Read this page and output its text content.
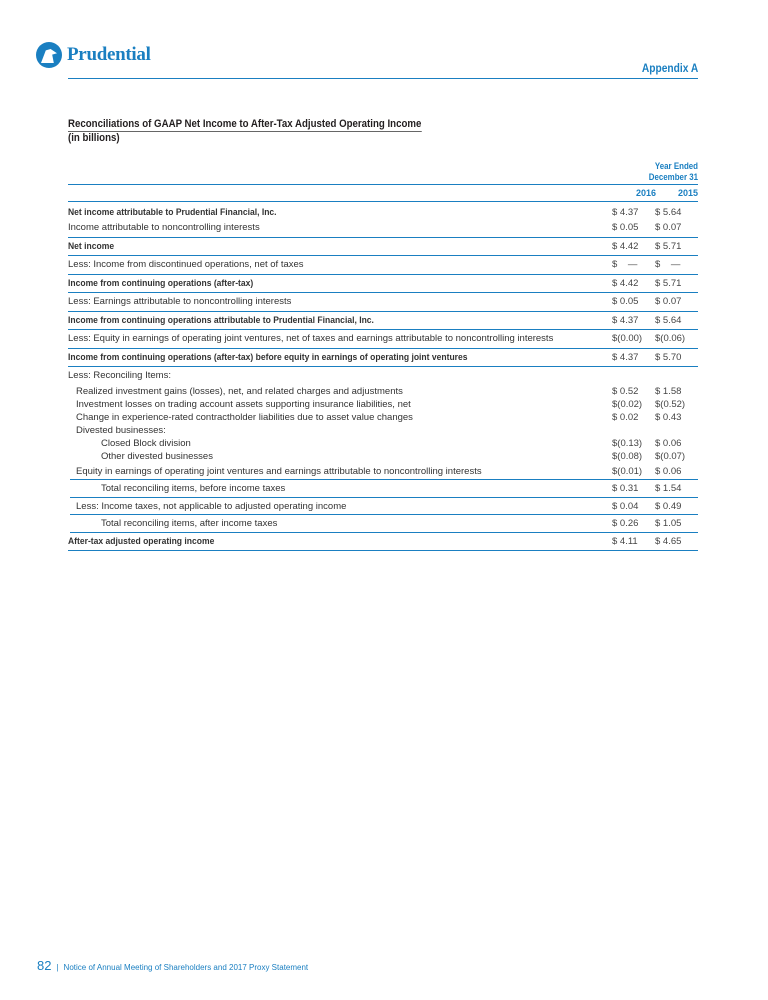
Prudential
Appendix A
Reconciliations of GAAP Net Income to After-Tax Adjusted Operating Income
(in billions)
Year Ended
December 31
2016 2015
Net income attributable to Prudential Financial, Inc.	$ 4.37	$ 5.64
Income attributable to noncontrolling interests	$ 0.05	$ 0.07
Net income	$ 4.42	$ 5.71
Less: Income from discontinued operations, net of taxes	$    —	$    —
Income from continuing operations (after-tax)	$ 4.42	$ 5.71
Less: Earnings attributable to noncontrolling interests	$ 0.05	$ 0.07
Income from continuing operations attributable to Prudential Financial, Inc.	$ 4.37	$ 5.64
Less: Equity in earnings of operating joint ventures, net of taxes and earnings attributable to noncontrolling interests	$(0.00)	$(0.06)
Income from continuing operations (after-tax) before equity in earnings of operating joint ventures	$ 4.37	$ 5.70
Less: Reconciling Items:
Realized investment gains (losses), net, and related charges and adjustments	$ 0.52	$ 1.58
Investment losses on trading account assets supporting insurance liabilities, net	$(0.02)	$(0.52)
Change in experience-rated contractholder liabilities due to asset value changes	$ 0.02	$ 0.43
Divested businesses:
Closed Block division	$(0.13)	$ 0.06
Other divested businesses	$(0.08)	$(0.07)
Equity in earnings of operating joint ventures and earnings attributable to noncontrolling interests	$(0.01)	$ 0.06
Total reconciling items, before income taxes	$ 0.31	$ 1.54
Less: Income taxes, not applicable to adjusted operating income	$ 0.04	$ 0.49
Total reconciling items, after income taxes	$ 0.26	$ 1.05
After-tax adjusted operating income	$ 4.11	$ 4.65
82 | Notice of Annual Meeting of Shareholders and 2017 Proxy Statement
